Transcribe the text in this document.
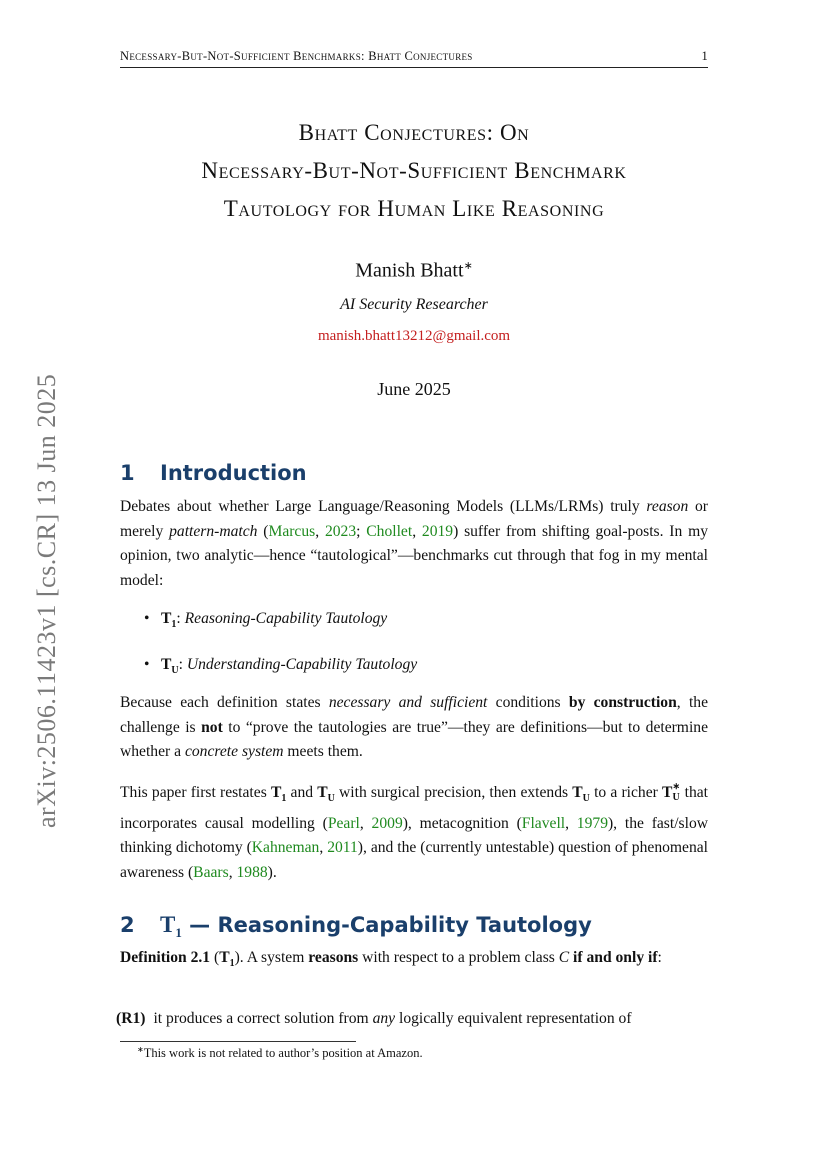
Necessary-But-Not-Sufficient Benchmarks: Bhatt Conjectures	1
arXiv:2506.11423v1 [cs.CR] 13 Jun 2025
Bhatt Conjectures: On
Necessary-But-Not-Sufficient Benchmark
Tautology for Human Like Reasoning
Manish Bhatt∗
AI Security Researcher
manish.bhatt13212@gmail.com
June 2025
1 Introduction
Debates about whether Large Language/Reasoning Models (LLMs/LRMs) truly reason or merely pattern-match (Marcus, 2023; Chollet, 2019) suffer from shifting goal-posts. In my opinion, two analytic—hence “tautological”—benchmarks cut through that fog in my mental model:
• $T_1$: Reasoning-Capability Tautology
• $T_U$: Understanding-Capability Tautology
Because each definition states necessary and sufficient conditions by construction, the challenge is not to “prove the tautologies are true”—they are definitions—but to determine whether a concrete system meets them.
This paper first restates $T_1$ and $T_U$ with surgical precision, then extends $T_U$ to a richer T ∗
U that incorporates causal modelling (Pearl, 2009), metacognition (Flavell, 1979), the fast/slow thinking dichotomy (Kahneman, 2011), and the (currently untestable) question of phenomenal awareness (Baars, 1988).
2 $T_1$ — Reasoning-Capability Tautology
Definition 2.1 $(T_1)$. A system reasons with respect to a problem class C if and only if:
(R1) it produces a correct solution from any logically equivalent representation of
∗This work is not related to author’s position at Amazon.
